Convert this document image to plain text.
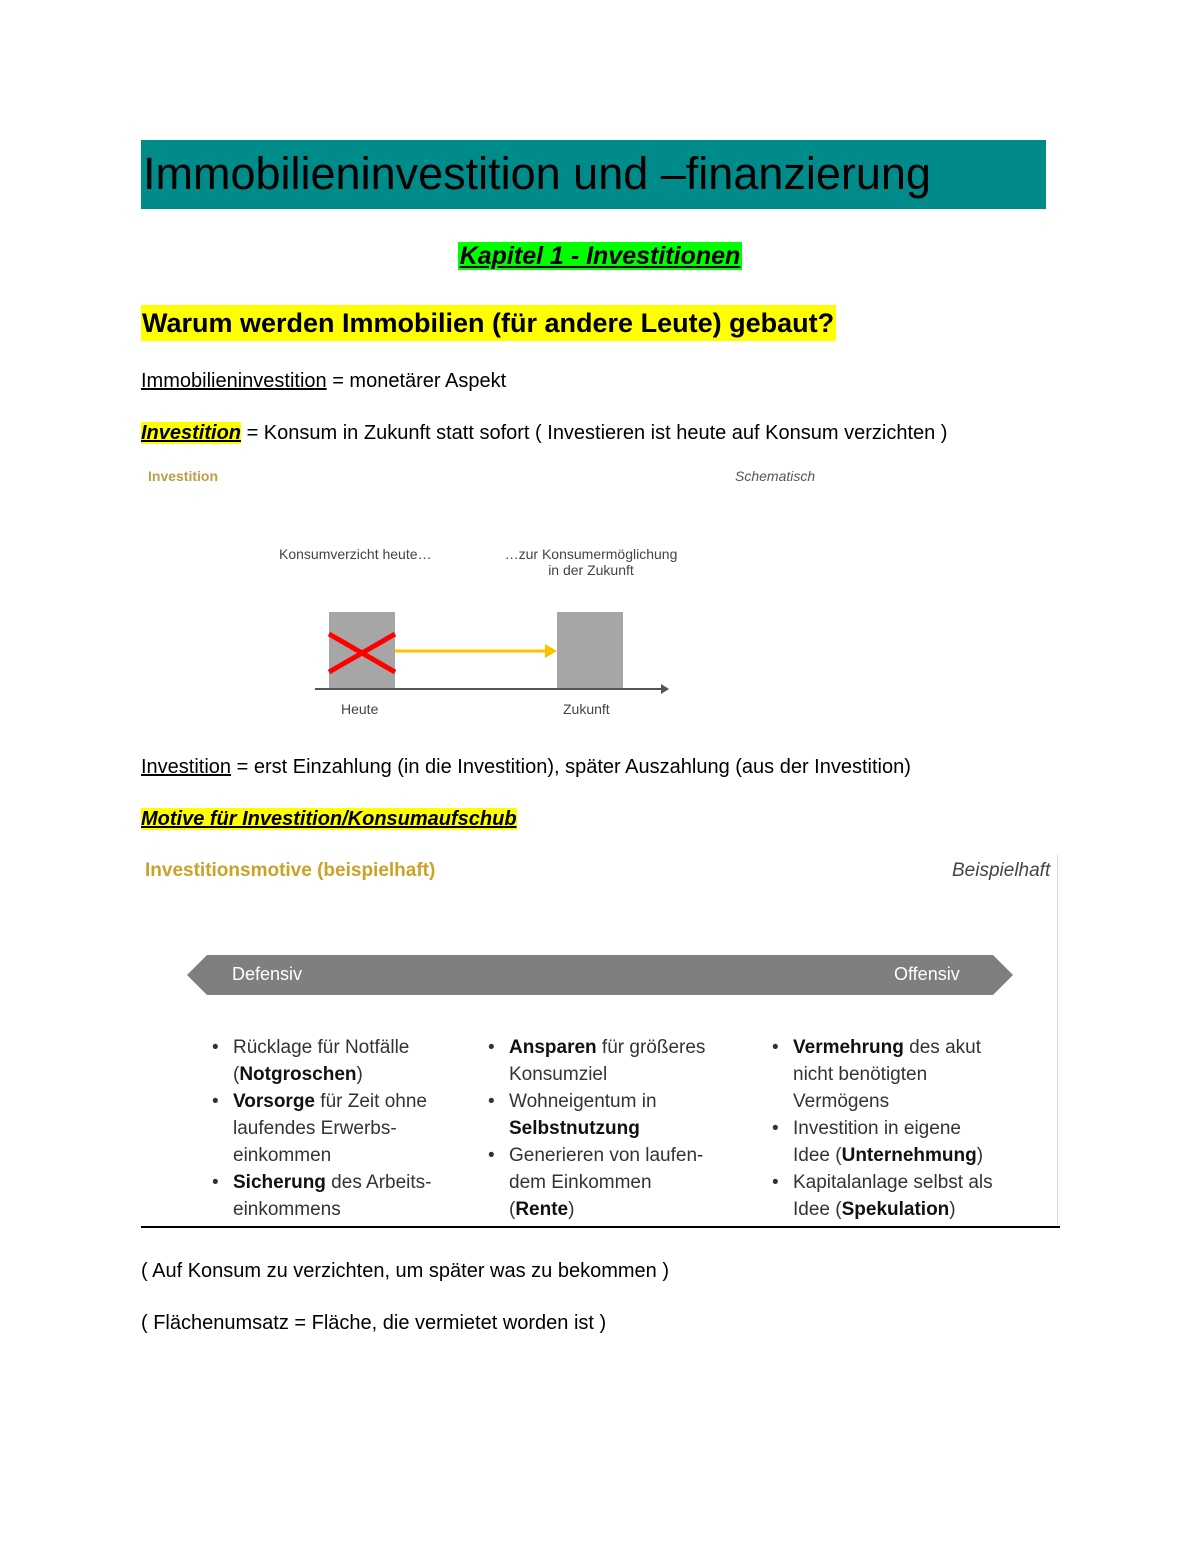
Immobilieninvestition und –finanzierung
Kapitel 1 - Investitionen
Warum werden Immobilien (für andere Leute) gebaut?
Immobilieninvestition = monetärer Aspekt
Investition = Konsum in Zukunft statt sofort ( Investieren ist heute auf Konsum verzichten )
Investition	Schematisch
Konsumverzicht heute…	…zur Konsumermöglichung
in der Zukunft
Heute	Zukunft
Investition = erst Einzahlung (in die Investition), später Auszahlung (aus der Investition)
Motive für Investition/Konsumaufschub
Investitionsmotive (beispielhaft)	Beispielhaft
Defensiv	Offensiv
• Rücklage für Notfälle
(Notgroschen)
• Vorsorge für Zeit ohne
laufendes Erwerbs-
einkommen
• Sicherung des Arbeits-
einkommens
• Ansparen für größeres
Konsumziel
• Wohneigentum in
Selbstnutzung
• Generieren von laufen-
dem Einkommen
(Rente)
• Vermehrung des akut
nicht benötigten
Vermögens
• Investition in eigene
Idee (Unternehmung)
• Kapitalanlage selbst als
Idee (Spekulation)
( Auf Konsum zu verzichten, um später was zu bekommen )
( Flächenumsatz = Fläche, die vermietet worden ist )
